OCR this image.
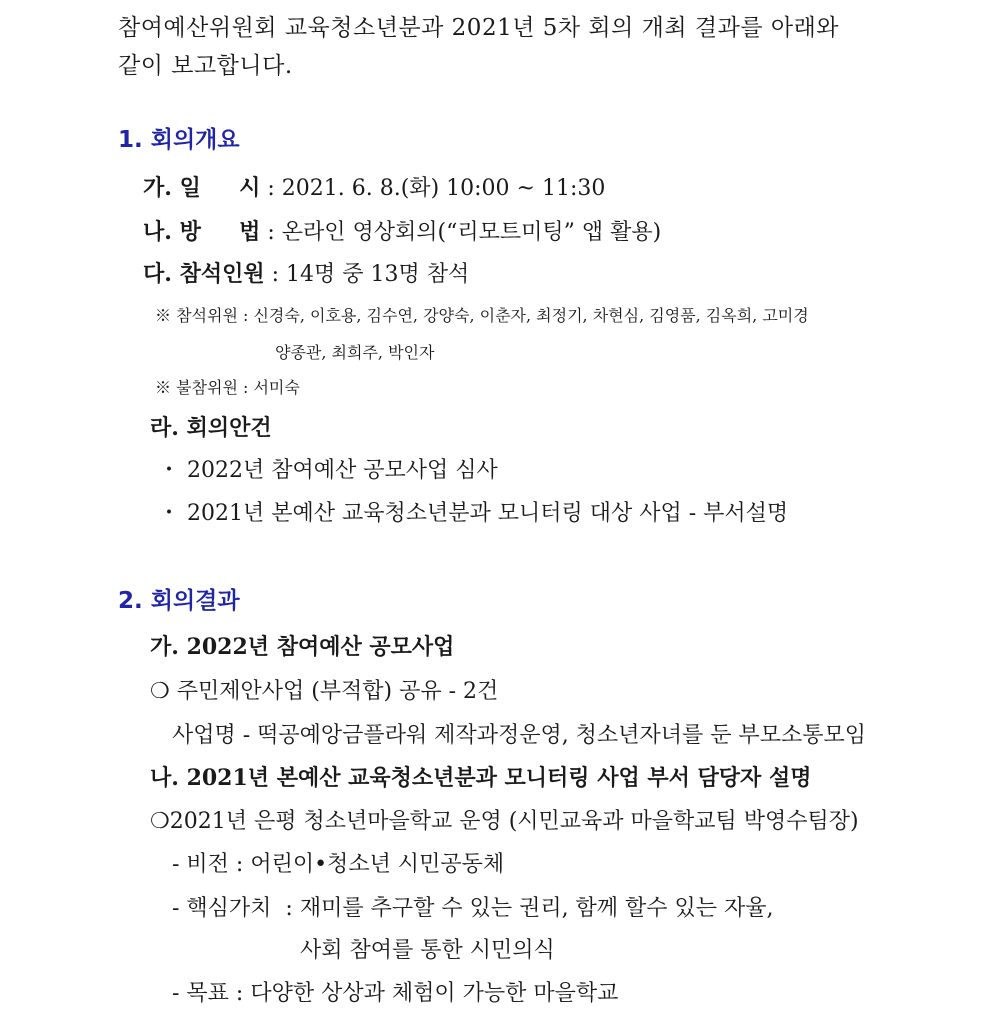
참여예산위원회 교육청소년분과 2021년 5차 회의 개최 결과를 아래와
같이 보고합니다.
1. 회의개요
가. 일     시 : 2021. 6. 8.(화) 10:00 ~ 11:30
나. 방     법 : 온라인 영상회의(“리모트미팅” 앱 활용)
다. 참석인원 : 14명 중 13명 참석
※ 참석위원 : 신경숙, 이호용, 김수연, 강양숙, 이춘자, 최정기, 차현심, 김영품, 김옥희, 고미경
양종관, 최희주, 박인자
※ 불참위원 : 서미숙
라. 회의안건
・ 2022년 참여예산 공모사업 심사
・ 2021년 본예산 교육청소년분과 모니터링 대상 사업 - 부서설명
2. 회의결과
가. 2022년 참여예산 공모사업
❍ 주민제안사업 (부적합) 공유 - 2건
사업명 - 떡공예앙금플라워 제작과정운영, 청소년자녀를 둔 부모소통모임
나. 2021년 본예산 교육청소년분과 모니터링 사업 부서 담당자 설명
❍2021년 은평 청소년마을학교 운영 (시민교육과 마을학교팀 박영수팀장)
- 비전 : 어린이•청소년 시민공동체
- 핵심가치  : 재미를 추구할 수 있는 권리, 함께 할수 있는 자율,
사회 참여를 통한 시민의식
- 목표 : 다양한 상상과 체험이 가능한 마을학교
